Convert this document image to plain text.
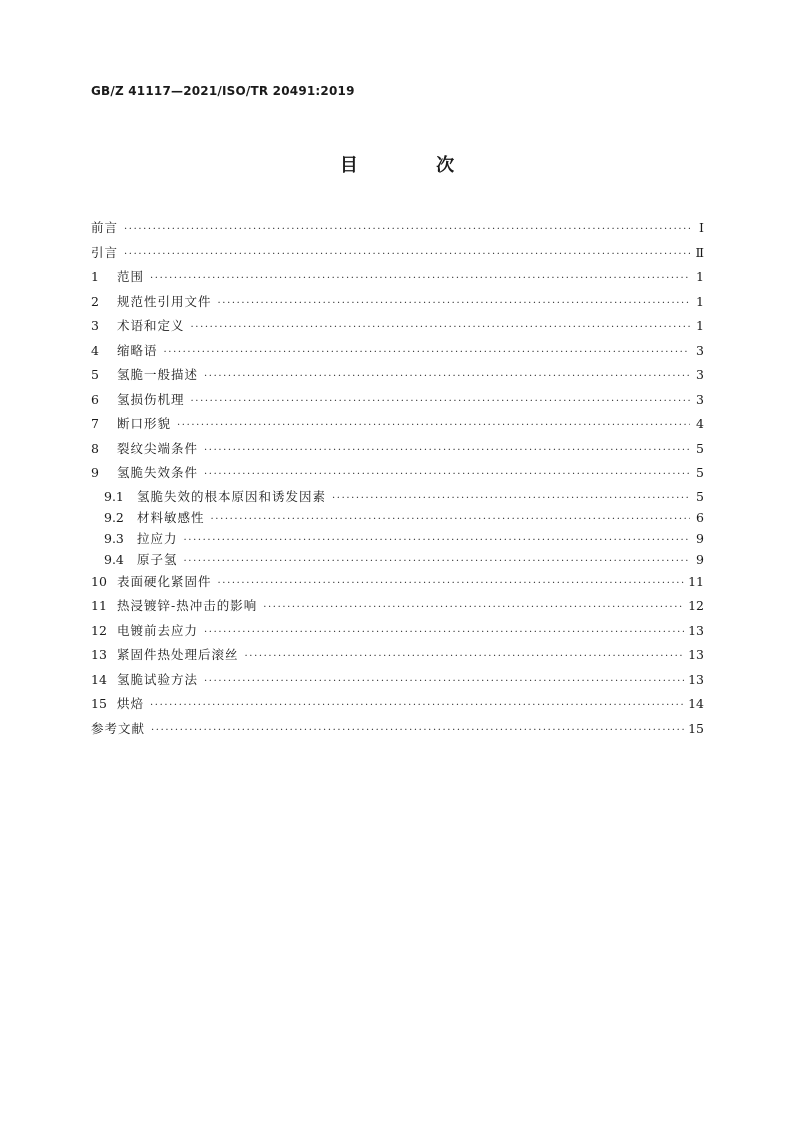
GB/Z 41117—2021/ISO/TR 20491:2019
目 次
前言 ·····	Ⅰ
引言 ·····	Ⅱ
1	范围 ·····	1
2	规范性引用文件 ·····	1
3	术语和定义 ·····	1
4	缩略语 ·····	3
5	氢脆一般描述 ·····	3
6	氢损伤机理 ·····	3
7	断口形貌 ·····	4
8	裂纹尖端条件 ·····	5
9	氢脆失效条件 ·····	5
9.1	氢脆失效的根本原因和诱发因素 ·····	5
9.2	材料敏感性 ·····	6
9.3	拉应力 ·····	9
9.4	原子氢 ·····	9
10 表面硬化紧固件 ·····	11
11 热浸镀锌-热冲击的影响 ·····	12
12 电镀前去应力 ·····	13
13 紧固件热处理后滚丝 ·····	13
14 氢脆试验方法 ·····	13
15 烘焙 ·····	14
参考文献 ·····	15
